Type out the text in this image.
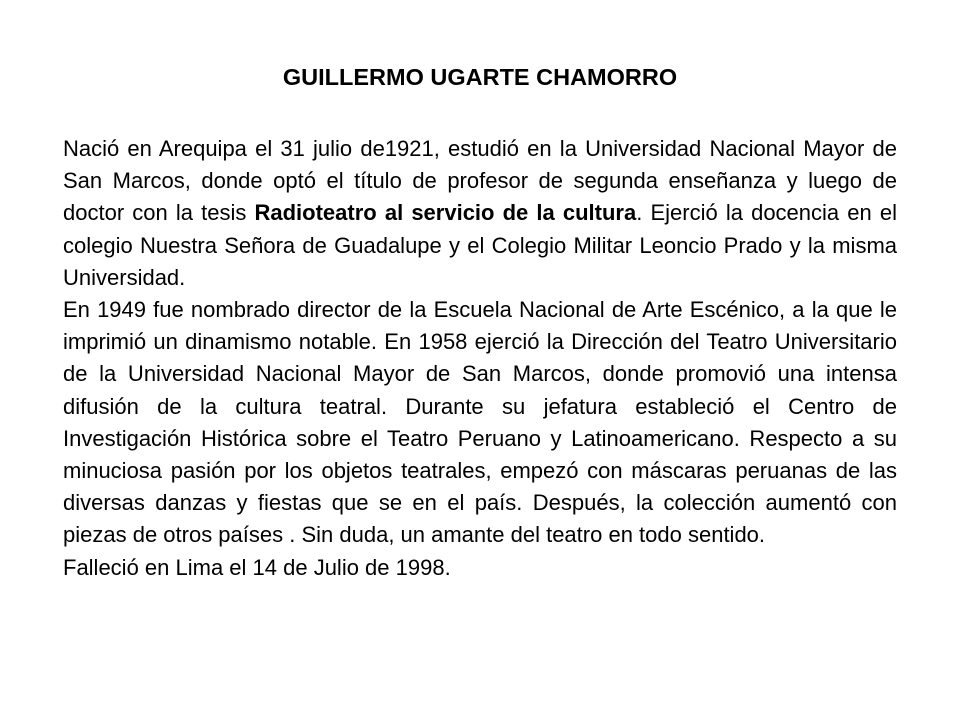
GUILLERMO UGARTE CHAMORRO

Nació en Arequipa el 31 julio de1921, estudió en la Universidad Nacional Mayor de San Marcos, donde optó el título de profesor de segunda enseñanza y luego de doctor con la tesis Radioteatro al servicio de la cultura. Ejerció la docencia en el colegio Nuestra Señora de Guadalupe y el Colegio Militar Leoncio Prado y la misma Universidad.

En 1949 fue nombrado director de la Escuela Nacional de Arte Escénico, a la que le imprimió un dinamismo notable. En 1958 ejerció la Dirección del Teatro Universitario de la Universidad Nacional Mayor de San Marcos, donde promovió una intensa difusión de la cultura teatral. Durante su jefatura estableció el Centro de Investigación Histórica sobre el Teatro Peruano y Latinoamericano. Respecto a su minuciosa pasión por los objetos teatrales, empezó con máscaras peruanas de las diversas danzas y fiestas que se en el país. Después, la colección aumentó con piezas de otros países . Sin duda, un amante del teatro en todo sentido.

Falleció en Lima el 14 de Julio de 1998.
